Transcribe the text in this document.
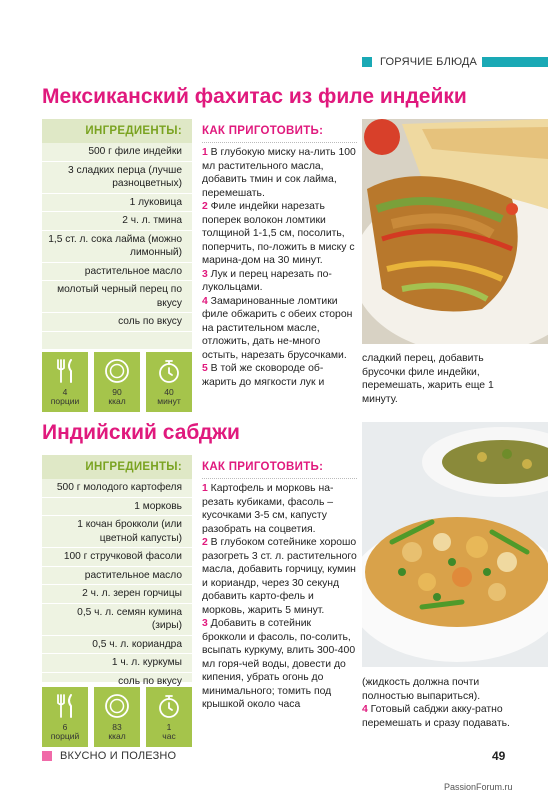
ГОРЯЧИЕ БЛЮДА
Мексиканский фахитас из филе индейки
ИНГРЕДИЕНТЫ:
500 г филе индейки
3 сладких перца (лучше разноцветных)
1 луковица
2 ч. л. тмина
1,5 ст. л. сока лайма (можно лимонный)
растительное масло
молотый черный перец по вкусу
соль по вкусу
4
порции
90
ккал
40
минут
КАК ПРИГОТОВИТЬ:
1 В глубокую миску на-лить 100 мл растительного масла, добавить тмин и сок лайма, перемешать.
2 Филе индейки нарезать поперек волокон ломтики толщиной 1-1,5 см, посолить, поперчить, по-ложить в миску с марина-дом на 30 минут.
3 Лук и перец нарезать по-лукольцами.
4 Замаринованные ломтики филе обжарить с обеих сторон на растительном масле, отложить, дать не-много остыть, нарезать брусочками.
5 В той же сковороде об-жарить до мягкости лук и
сладкий перец, добавить брусочки филе индейки, перемешать, жарить еще 1 минуту.
Индийский сабджи
ИНГРЕДИЕНТЫ:
500 г молодого картофеля
1 морковь
1 кочан брокколи (или цветной капусты)
100 г стручковой фасоли
растительное масло
2 ч. л. зерен горчицы
0,5 ч. л. семян кумина (зиры)
0,5 ч. л. кориандра
1 ч. л. куркумы
соль по вкусу
6
порций
83
ккал
1
час
КАК ПРИГОТОВИТЬ:
1 Картофель и морковь на-резать кубиками, фасоль – кусочками 3-5 см, капусту разобрать на соцветия.
2 В глубоком сотейнике хорошо разогреть 3 ст. л. растительного масла, добавить горчицу, кумин и кориандр, через 30 секунд добавить карто-фель и морковь, жарить 5 минут.
3 Добавить в сотейник брокколи и фасоль, по-солить, всыпать куркуму, влить 300-400 мл горя-чей воды, довести до кипения, убрать огонь до минимального; томить под крышкой около часа
(жидкость должна почти полностью выпариться).
4 Готовый сабджи акку-ратно перемешать и сразу подавать.
ВКУСНО И ПОЛЕЗНО	49
PassionForum.ru
